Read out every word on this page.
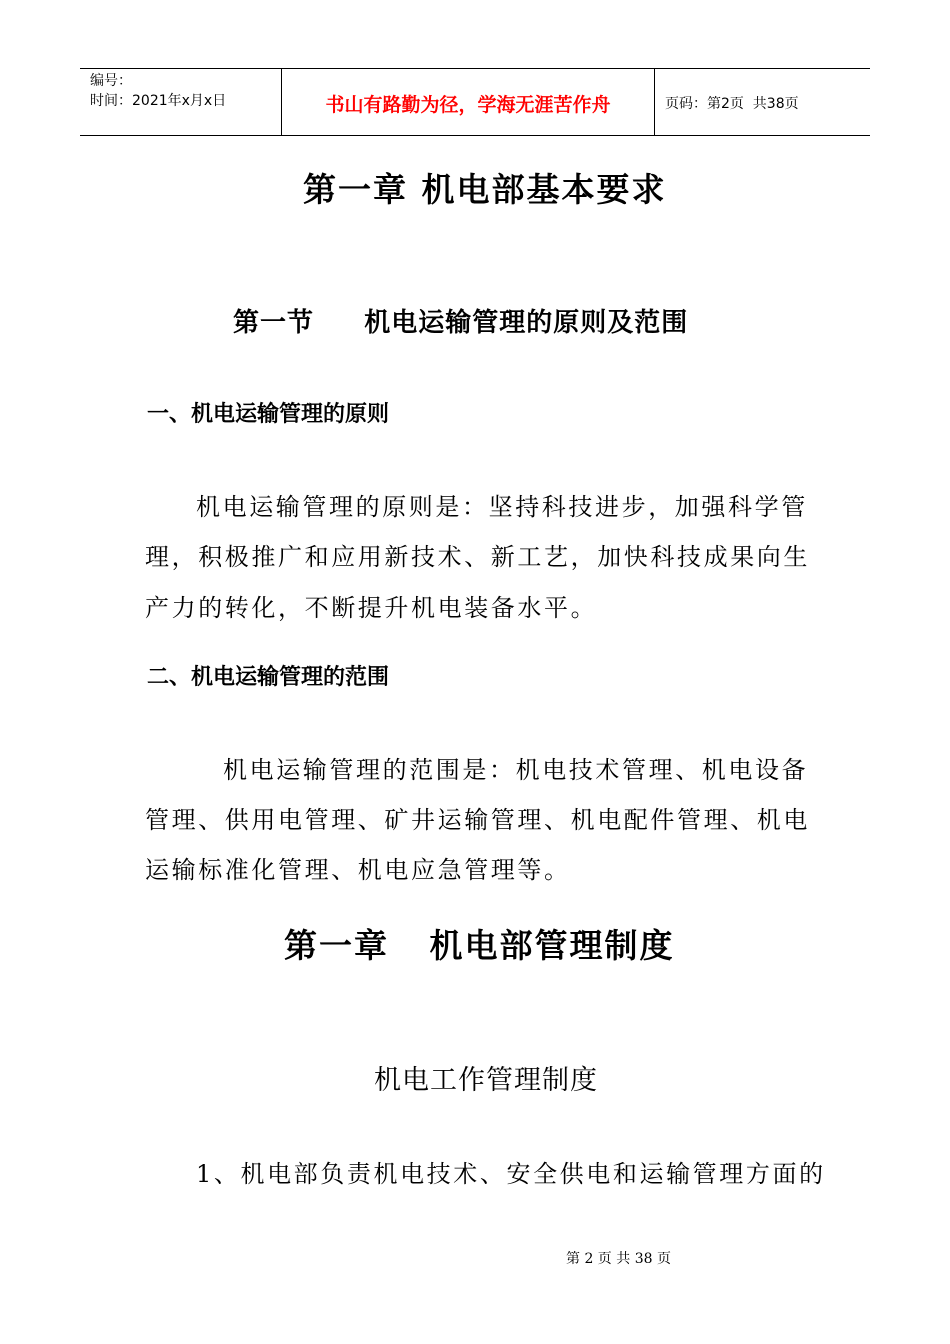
编号：
时间：2021年x月x日	书山有路勤为径，学海无涯苦作舟	页码：第2页  共38页
第一章 机电部基本要求
第一节     机电运输管理的原则及范围
一、机电运输管理的原则
机电运输管理的原则是：坚持科技进步，加强科学管
理，积极推广和应用新技术、新工艺，加快科技成果向生
产力的转化，不断提升机电装备水平。
二、机电运输管理的范围
机电运输管理的范围是：机电技术管理、机电设备
管理、供用电管理、矿井运输管理、机电配件管理、机电
运输标准化管理、机电应急管理等。
第一章   机电部管理制度
机电工作管理制度
1、机电部负责机电技术、安全供电和运输管理方面的
第 2 页 共 38 页
